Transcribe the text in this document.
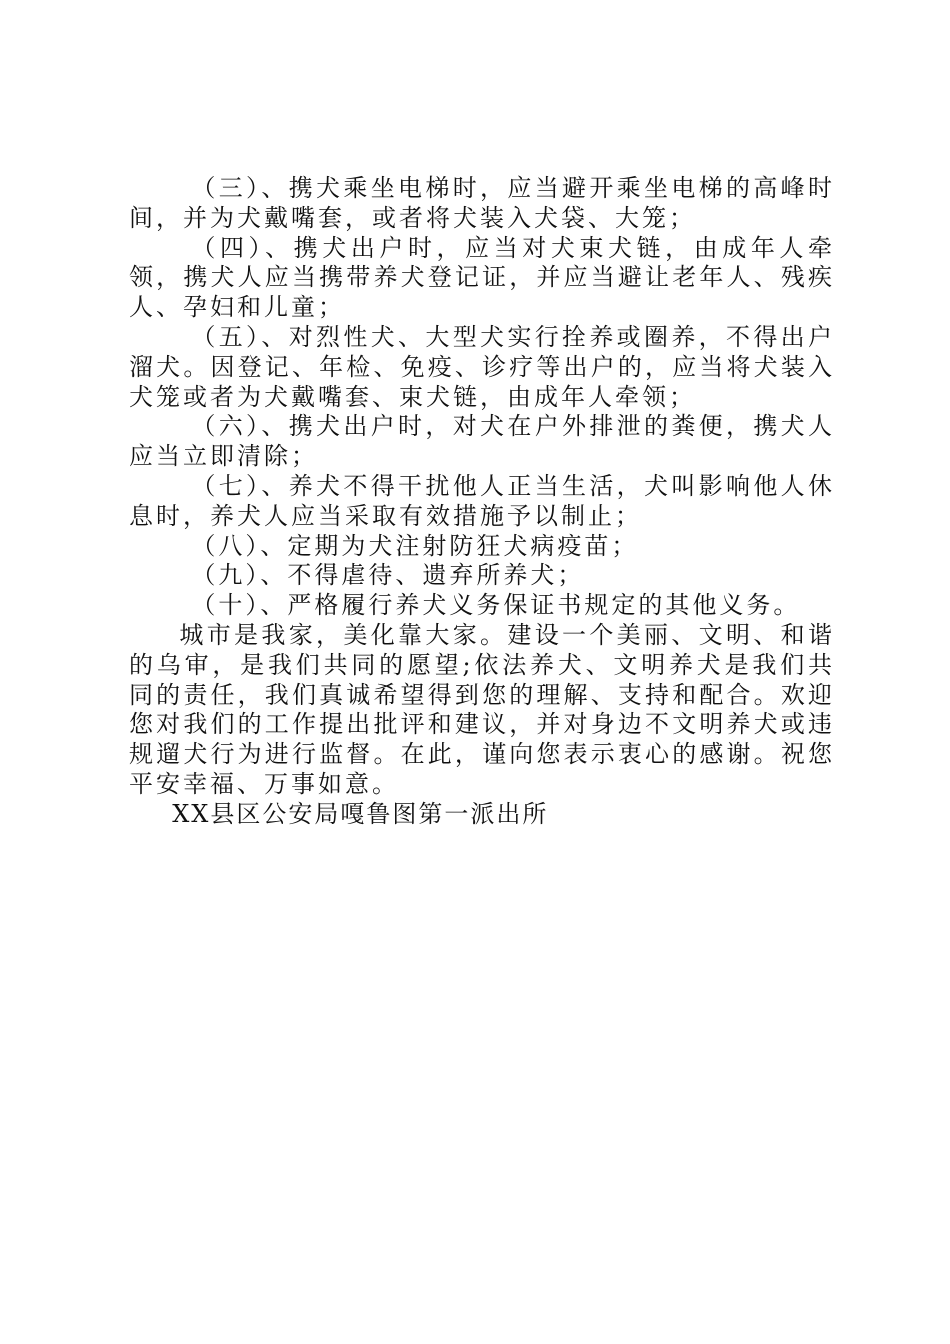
（三）、携犬乘坐电梯时，应当避开乘坐电梯的高峰时间，并为犬戴嘴套，或者将犬装入犬袋、大笼；

（四）、携犬出户时，应当对犬束犬链，由成年人牵领，携犬人应当携带养犬登记证，并应当避让老年人、残疾人、孕妇和儿童；

（五）、对烈性犬、大型犬实行拴养或圈养，不得出户溜犬。因登记、年检、免疫、诊疗等出户的，应当将犬装入犬笼或者为犬戴嘴套、束犬链，由成年人牵领；

（六）、携犬出户时，对犬在户外排泄的粪便，携犬人应当立即清除；

（七）、养犬不得干扰他人正当生活，犬叫影响他人休息时，养犬人应当采取有效措施予以制止；

（八）、定期为犬注射防狂犬病疫苗；

（九）、不得虐待、遗弃所养犬；

（十）、严格履行养犬义务保证书规定的其他义务。

城市是我家，美化靠大家。建设一个美丽、文明、和谐的乌审，是我们共同的愿望;依法养犬、文明养犬是我们共同的责任，我们真诚希望得到您的理解、支持和配合。欢迎您对我们的工作提出批评和建议，并对身边不文明养犬或违规遛犬行为进行监督。在此，谨向您表示衷心的感谢。祝您平安幸福、万事如意。

XX县区公安局嘎鲁图第一派出所
